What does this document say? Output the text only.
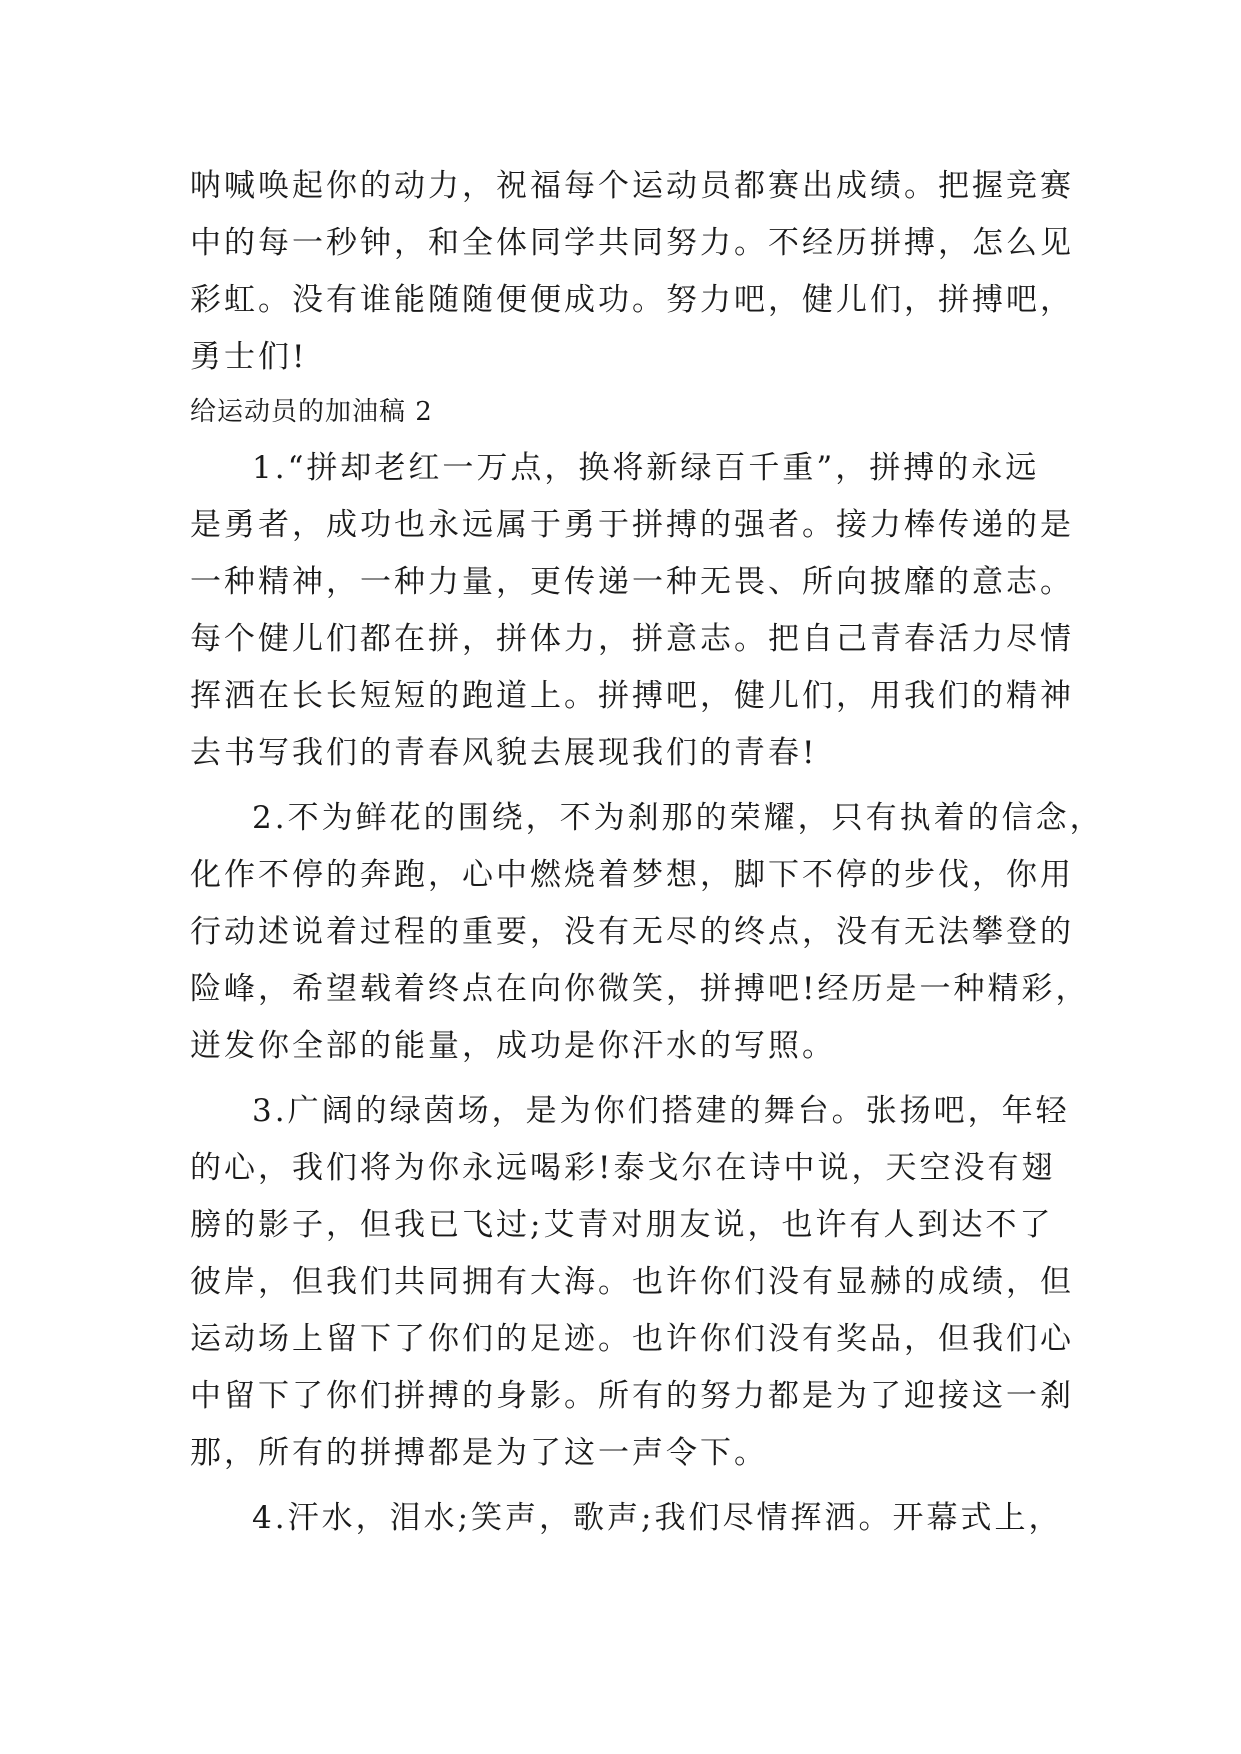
呐喊唤起你的动力，祝福每个运动员都赛出成绩。把握竞赛
中的每一秒钟，和全体同学共同努力。不经历拼搏，怎么见
彩虹。没有谁能随随便便成功。努力吧，健儿们，拼搏吧，
勇士们!
给运动员的加油稿 2
1.“拼却老红一万点，换将新绿百千重”，拼搏的永远
是勇者，成功也永远属于勇于拼搏的强者。接力棒传递的是
一种精神，一种力量，更传递一种无畏、所向披靡的意志。
每个健儿们都在拼，拼体力，拼意志。把自己青春活力尽情
挥洒在长长短短的跑道上。拼搏吧，健儿们，用我们的精神
去书写我们的青春风貌去展现我们的青春!
2.不为鲜花的围绕，不为刹那的荣耀，只有执着的信念，
化作不停的奔跑，心中燃烧着梦想，脚下不停的步伐，你用
行动述说着过程的重要，没有无尽的终点，没有无法攀登的
险峰，希望载着终点在向你微笑，拼搏吧!经历是一种精彩，
迸发你全部的能量，成功是你汗水的写照。
3.广阔的绿茵场，是为你们搭建的舞台。张扬吧，年轻
的心，我们将为你永远喝彩!泰戈尔在诗中说，天空没有翅
膀的影子，但我已飞过;艾青对朋友说，也许有人到达不了
彼岸，但我们共同拥有大海。也许你们没有显赫的成绩，但
运动场上留下了你们的足迹。也许你们没有奖品，但我们心
中留下了你们拼搏的身影。所有的努力都是为了迎接这一刹
那，所有的拼搏都是为了这一声令下。
4.汗水，泪水;笑声，歌声;我们尽情挥洒。开幕式上，
